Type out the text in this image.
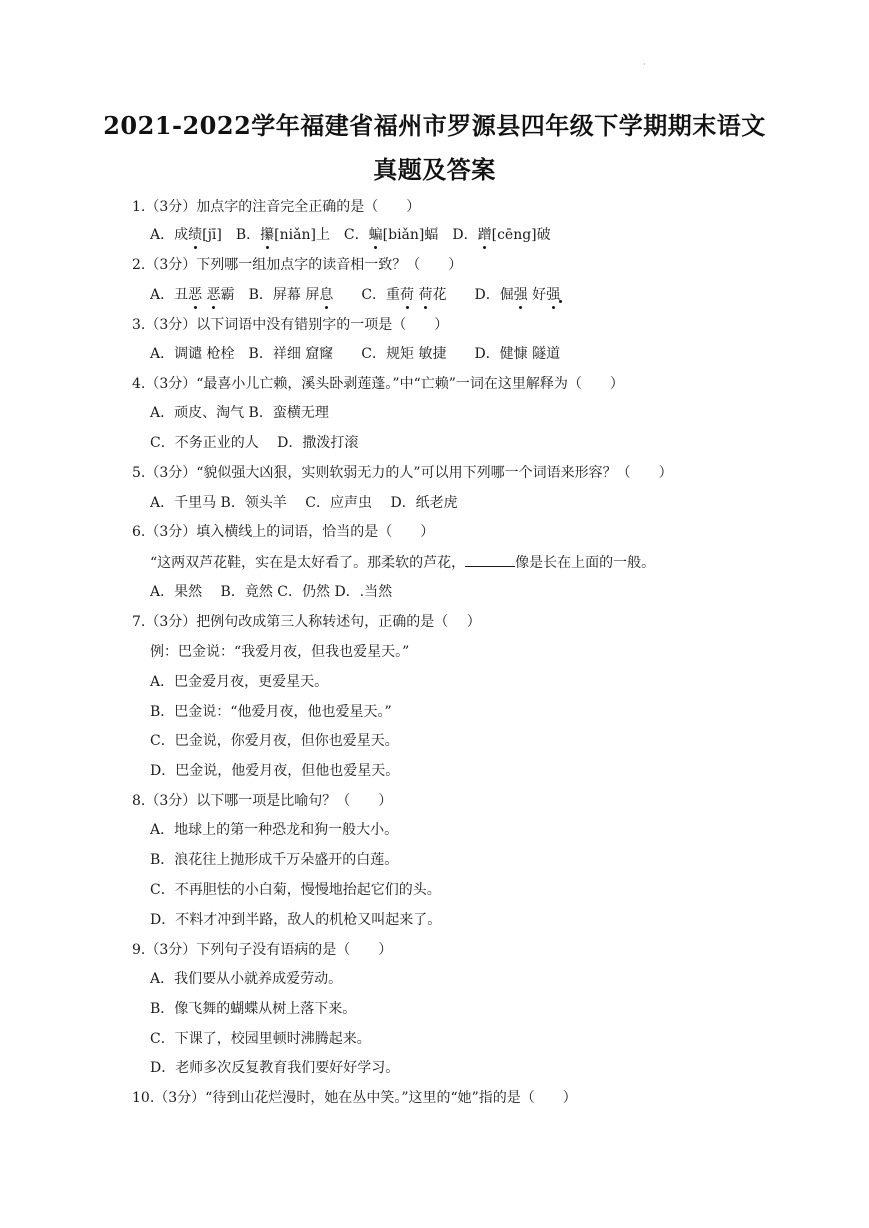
·
2021-2022学年福建省福州市罗源县四年级下学期期末语文
真题及答案
1.（3分）加点字的注音完全正确的是（　　）
A．成绩[jī]　B．攥[niǎn]上　C．蝙[biǎn]蝠　D．蹭[cēng]破
2.（3分）下列哪一组加点字的读音相一致？（　　）
A．丑恶 恶霸　B．屏幕 屏息　　C．重荷 荷花　　D．倔强 好强
3.（3分）以下词语中没有错别字的一项是（　　）
A．调谴 枪栓　B．祥细 窟窿　　C．规矩 敏捷　　D．健慷 隧道
4.（3分）“最喜小儿亡赖，溪头卧剥莲蓬。”中“亡赖”一词在这里解释为（　　）
A．顽皮、淘气 B．蛮横无理
C．不务正业的人　 D．撒泼打滚
5.（3分）“貌似强大凶狠，实则软弱无力的人”可以用下列哪一个词语来形容？（　　）
A．千里马 B．领头羊　 C．应声虫　 D．纸老虎
6.（3分）填入横线上的词语，恰当的是（　　）
“这两双芦花鞋，实在是太好看了。那柔软的芦花，	像是长在上面的一般。
A．果然　 B．竟然 C．仍然 D．.当然
7.（3分）把例句改成第三人称转述句，正确的是（　 ）
例：巴金说：“我爱月夜，但我也爱星天。”
A．巴金爱月夜，更爱星天。
B．巴金说：“他爱月夜，他也爱星天。”
C．巴金说，你爱月夜，但你也爱星天。
D．巴金说，他爱月夜，但他也爱星天。
8.（3分）以下哪一项是比喻句？（　　）
A．地球上的第一种恐龙和狗一般大小。
B．浪花往上抛形成千万朵盛开的白莲。
C．不再胆怯的小白菊，慢慢地抬起它们的头。
D．不料才冲到半路，敌人的机枪又叫起来了。
9.（3分）下列句子没有语病的是（　　）
A．我们要从小就养成爱劳动。
B．像飞舞的蝴蝶从树上落下来。
C．下课了，校园里顿时沸腾起来。
D．老师多次反复教育我们要好好学习。
10.（3分）“待到山花烂漫时，她在丛中笑。”这里的“她”指的是（　　）
